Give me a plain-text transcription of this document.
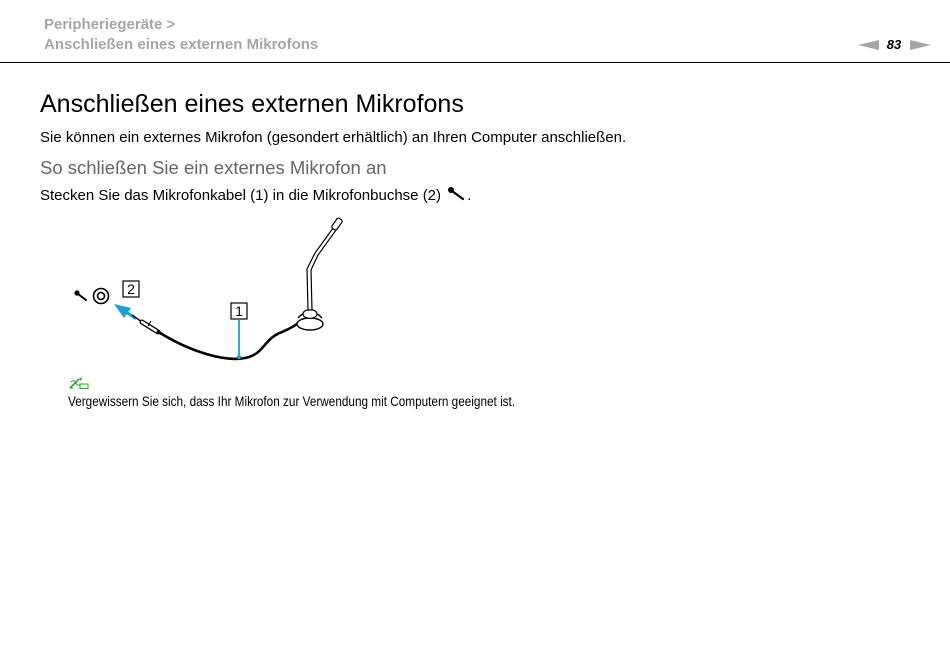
Peripheriegeräte >
Anschließen eines externen Mikrofons	83
Anschließen eines externen Mikrofons
Sie können ein externes Mikrofon (gesondert erhältlich) an Ihren Computer anschließen.
So schließen Sie ein externes Mikrofon an
Stecken Sie das Mikrofonkabel (1) in die Mikrofonbuchse (2) .
2
1
Vergewissern Sie sich, dass Ihr Mikrofon zur Verwendung mit Computern geeignet ist.
